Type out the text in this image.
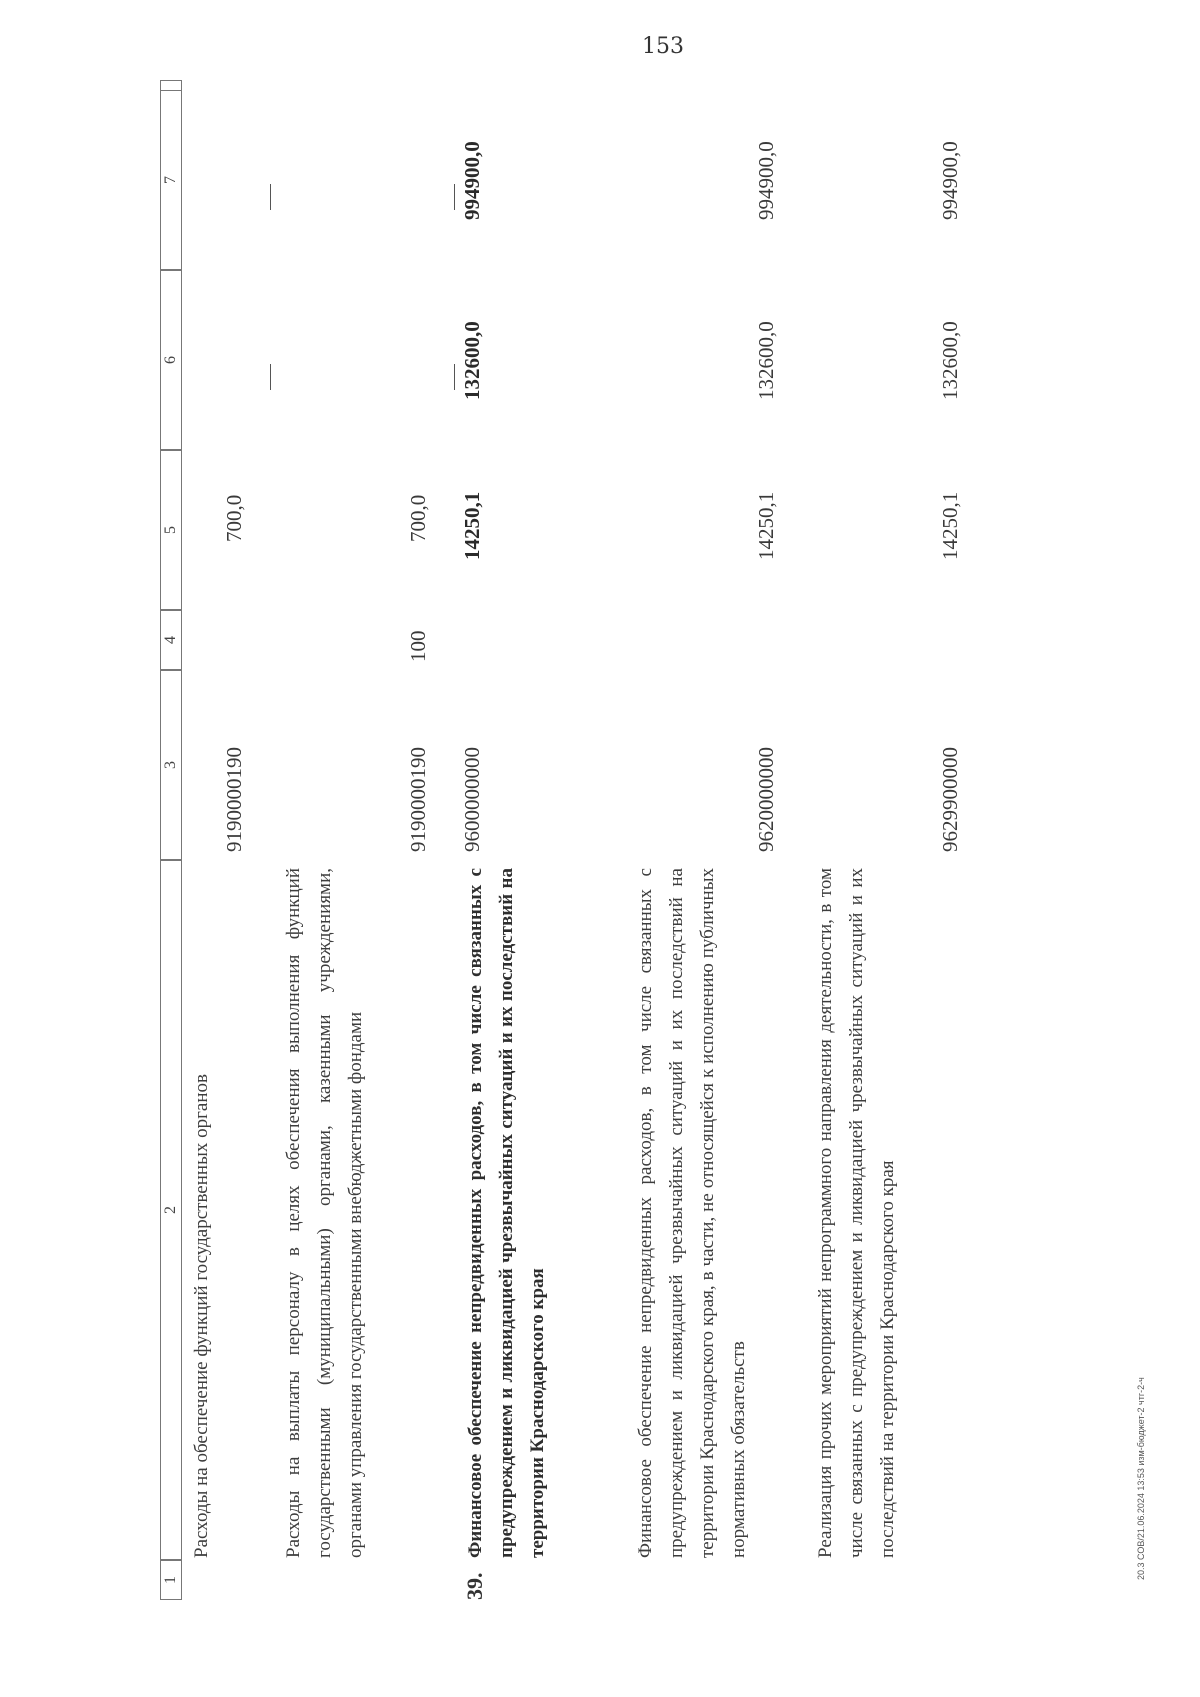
153
20.3 СОВ/21.06.2024 13:53 изм-бюджет-2 чтг-2-ч
1
2
3
4
5
6
7
Расходы на обеспечение функций государственных органов
9190000190
700,0
Расходы на выплаты персоналу в целях обеспечения выполнения функций государственными (муниципальными) органами, казенными учреждениями, органами управления государственными внебюджетными фондами
9190000190
100
700,0
39.
Финансовое обеспечение непредвиденных расходов, в том числе связанных с предупреждением и ликвидацией чрезвычайных ситуаций и их последствий на территории Краснодарского края
9600000000
14250,1
132600,0
994900,0
Финансовое обеспечение непредвиденных расходов, в том числе связанных с предупреждением и ликвидацией чрезвычайных ситуаций и их последствий на территории Краснодарского края, в части, не относящейся к исполнению публичных нормативных обязательств
9620000000
14250,1
132600,0
994900,0
Реализация прочих мероприятий непрограммного направления деятельности, в том числе связанных с предупреждением и ликвидацией чрезвычайных ситуаций и их последствий на территории Краснодарского края
9629900000
14250,1
132600,0
994900,0
